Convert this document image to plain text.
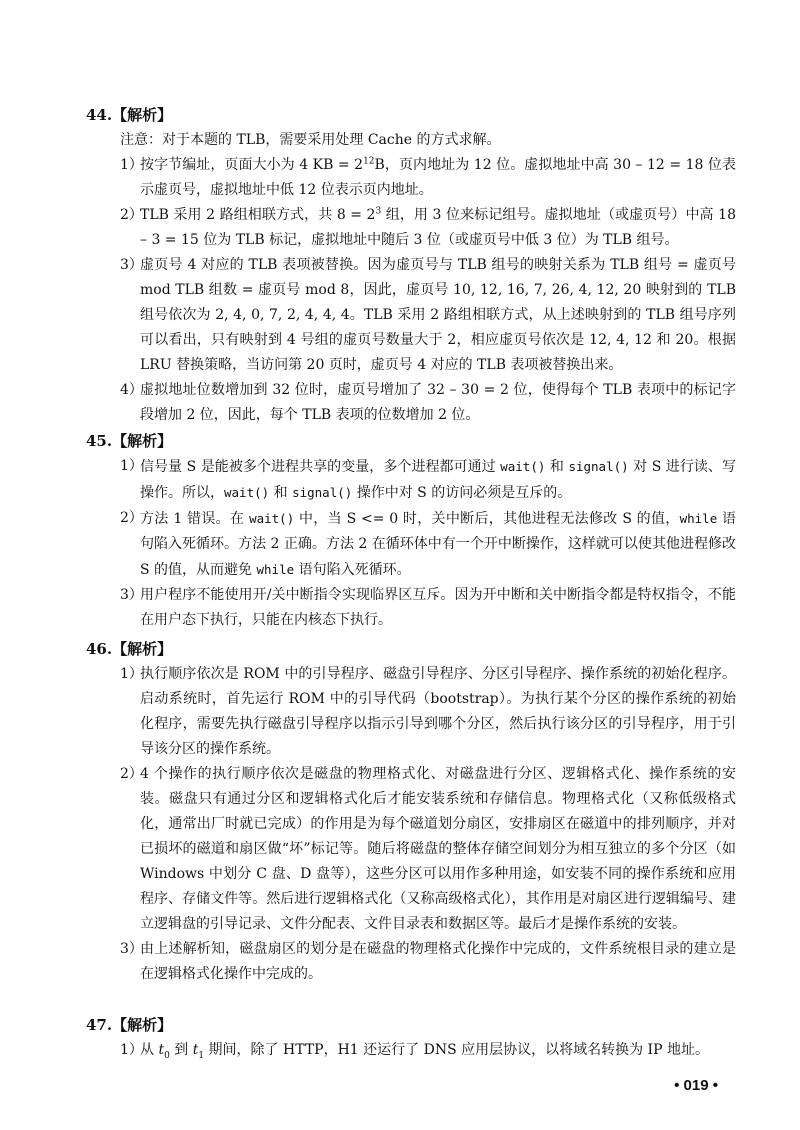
44.【解析】
注意：对于本题的 TLB，需要采用处理 Cache 的方式求解。
1）
按字节编址，页面大小为 4 KB = $2^{12}B$，页内地址为 12 位。虚拟地址中高 30 – 12 = 18 位表示虚页号，虚拟地址中低 12 位表示页内地址。
2）
TLB 采用 2 路组相联方式，共 $8 = 2^3$ 组，用 3 位来标记组号。虚拟地址（或虚页号）中高 18 – 3 = 15 位为 TLB 标记，虚拟地址中随后 3 位（或虚页号中低 3 位）为 TLB 组号。
3）
虚页号 4 对应的 TLB 表项被替换。因为虚页号与 TLB 组号的映射关系为 TLB 组号 = 虚页号 mod TLB 组数 = 虚页号 mod 8，因此，虚页号 10, 12, 16, 7, 26, 4, 12, 20 映射到的 TLB 组号依次为 2, 4, 0, 7, 2, 4, 4, 4。TLB 采用 2 路组相联方式，从上述映射到的 TLB 组号序列可以看出，只有映射到 4 号组的虚页号数量大于 2，相应虚页号依次是 12, 4, 12 和 20。根据 LRU 替换策略，当访问第 20 页时，虚页号 4 对应的 TLB 表项被替换出来。
4）
虚拟地址位数增加到 32 位时，虚页号增加了 32 – 30 = 2 位，使得每个 TLB 表项中的标记字段增加 2 位，因此，每个 TLB 表项的位数增加 2 位。
45.【解析】
1）
信号量 S 是能被多个进程共享的变量，多个进程都可通过 wait() 和 signal() 对 S 进行读、写操作。所以，wait() 和 signal() 操作中对 S 的访问必须是互斥的。
2）
方法 1 错误。在 wait() 中，当 S <= 0 时，关中断后，其他进程无法修改 S 的值，while 语句陷入死循环。方法 2 正确。方法 2 在循环体中有一个开中断操作，这样就可以使其他进程修改 S 的值，从而避免 while 语句陷入死循环。
3）
用户程序不能使用开/关中断指令实现临界区互斥。因为开中断和关中断指令都是特权指令，不能在用户态下执行，只能在内核态下执行。
46.【解析】
1）
执行顺序依次是 ROM 中的引导程序、磁盘引导程序、分区引导程序、操作系统的初始化程序。启动系统时，首先运行 ROM 中的引导代码（bootstrap）。为执行某个分区的操作系统的初始化程序，需要先执行磁盘引导程序以指示引导到哪个分区，然后执行该分区的引导程序，用于引导该分区的操作系统。
2）
4 个操作的执行顺序依次是磁盘的物理格式化、对磁盘进行分区、逻辑格式化、操作系统的安装。磁盘只有通过分区和逻辑格式化后才能安装系统和存储信息。物理格式化（又称低级格式化，通常出厂时就已完成）的作用是为每个磁道划分扇区，安排扇区在磁道中的排列顺序，并对已损坏的磁道和扇区做“坏”标记等。随后将磁盘的整体存储空间划分为相互独立的多个分区（如 Windows 中划分 C 盘、D 盘等），这些分区可以用作多种用途，如安装不同的操作系统和应用程序、存储文件等。然后进行逻辑格式化（又称高级格式化），其作用是对扇区进行逻辑编号、建立逻辑盘的引导记录、文件分配表、文件目录表和数据区等。最后才是操作系统的安装。
3）
由上述解析知，磁盘扇区的划分是在磁盘的物理格式化操作中完成的，文件系统根目录的建立是在逻辑格式化操作中完成的。
47.【解析】
1）
从 $t_0$ 到 $t_1$ 期间，除了 HTTP，H1 还运行了 DNS 应用层协议，以将域名转换为 IP 地址。
• 019 •
